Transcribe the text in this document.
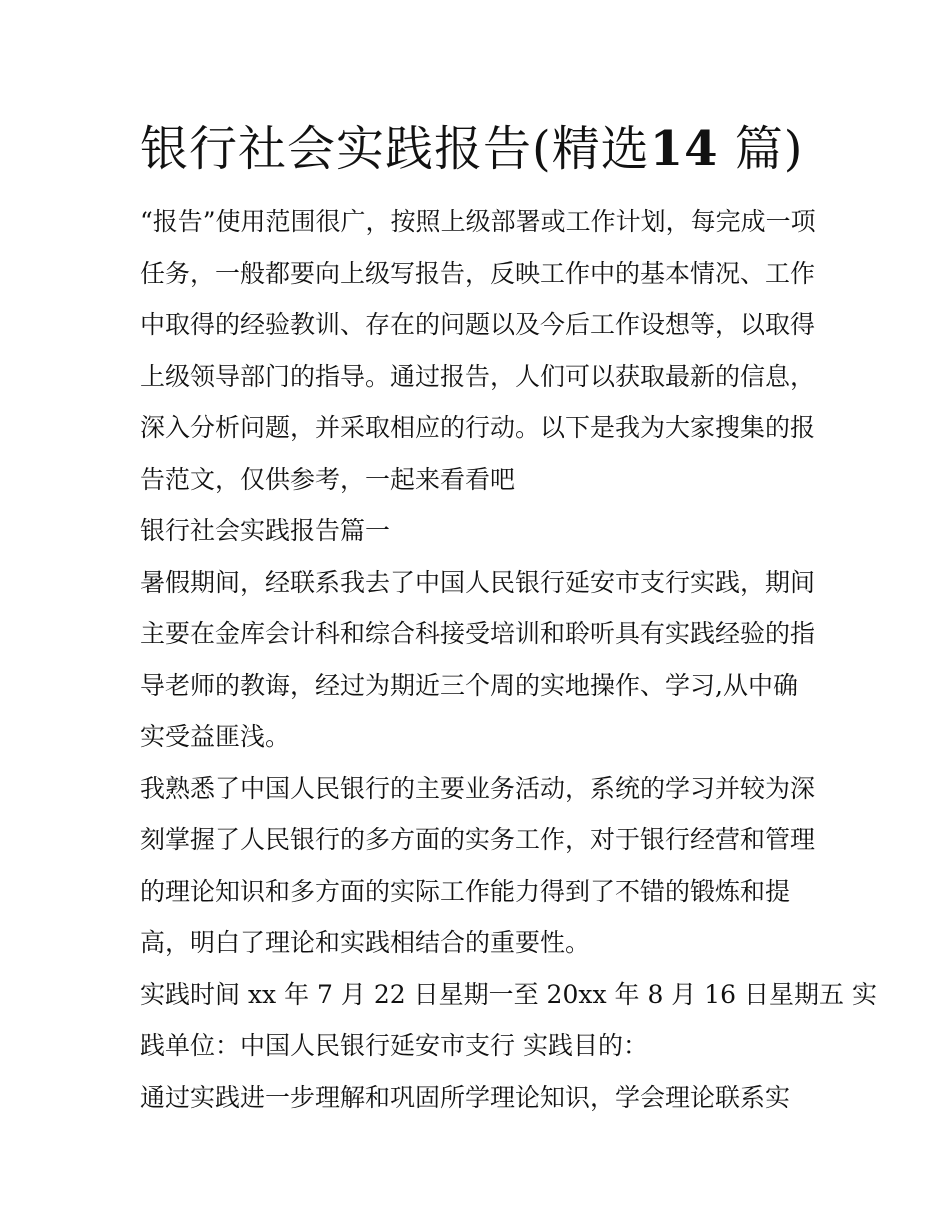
银行社会实践报告(精选14 篇)
“报告”使用范围很广，按照上级部署或工作计划，每完成一项
任务，一般都要向上级写报告，反映工作中的基本情况、工作
中取得的经验教训、存在的问题以及今后工作设想等，以取得
上级领导部门的指导。通过报告，人们可以获取最新的信息，
深入分析问题，并采取相应的行动。以下是我为大家搜集的报
告范文，仅供参考，一起来看看吧
银行社会实践报告篇一
暑假期间，经联系我去了中国人民银行延安市支行实践，期间
主要在金库会计科和综合科接受培训和聆听具有实践经验的指
导老师的教诲，经过为期近三个周的实地操作、学习,从中确
实受益匪浅。
我熟悉了中国人民银行的主要业务活动，系统的学习并较为深
刻掌握了人民银行的多方面的实务工作，对于银行经营和管理
的理论知识和多方面的实际工作能力得到了不错的锻炼和提
高，明白了理论和实践相结合的重要性。
实践时间 xx 年 7 月 22 日星期一至 20xx 年 8 月 16 日星期五 实
践单位：中国人民银行延安市支行 实践目的：
通过实践进一步理解和巩固所学理论知识，学会理论联系实
